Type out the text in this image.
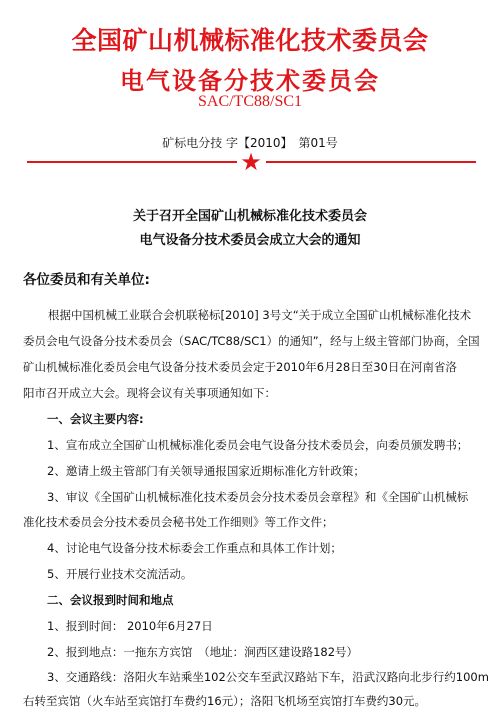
全国矿山机械标准化技术委员会
电气设备分技术委员会
SAC/TC88/SC1
矿标电分技 字【2010】　第01号
★
关于召开全国矿山机械标准化技术委员会
电气设备分技术委员会成立大会的通知
各位委员和有关单位:
根据中国机械工业联合会机联秘标[2010] 3号文“关于成立全国矿山机械标准化技术
委员会电气设备分技术委员会（SAC/TC88/SC1）的通知”，经与上级主管部门协商，全国
矿山机械标准化委员会电气设备分技术委员会定于2010年6月28日至30日在河南省洛
阳市召开成立大会。现将会议有关事项通知如下：
一、会议主要内容:
1、宣布成立全国矿山机械标准化委员会电气设备分技术委员会，向委员颁发聘书；
2、邀请上级主管部门有关领导通报国家近期标准化方针政策；
3、审议《全国矿山机械标准化技术委员会分技术委员会章程》和《全国矿山机械标
准化技术委员会分技术委员会秘书处工作细则》等工作文件；
4、讨论电气设备分技术标委会工作重点和具体工作计划；
5、开展行业技术交流活动。
二、会议报到时间和地点
1、报到时间： 2010年6月27日
2、报到地点：一拖东方宾馆　（地址：涧西区建设路182号）
3、交通路线：洛阳火车站乘坐102公交车至武汉路站下车，沿武汉路向北步行约100m
右转至宾馆（火车站至宾馆打车费约16元）；洛阳飞机场至宾馆打车费约30元。
